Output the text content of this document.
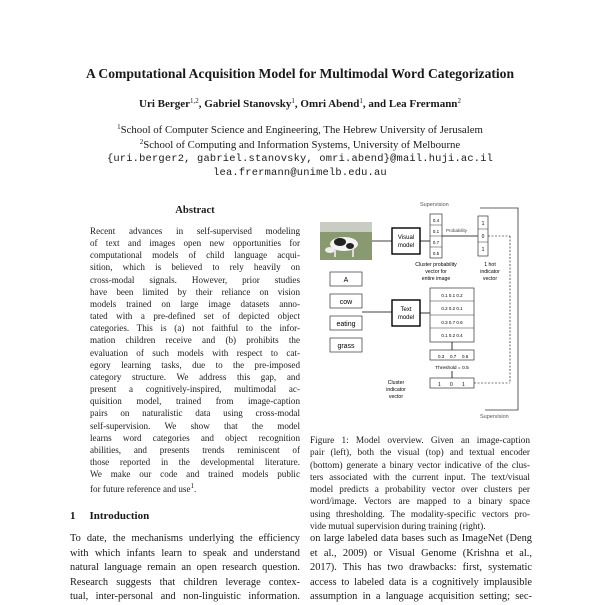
A Computational Acquisition Model for Multimodal Word Categorization
Uri Berger$^{1,2}$, Gabriel Stanovsky$^1$, Omri Abend$^1$, and Lea Frermann$^2$
$^1$School of Computer Science and Engineering, The Hebrew University of Jerusalem
$^2$School of Computing and Information Systems, University of Melbourne
{uri.berger2, gabriel.stanovsky, omri.abend}@mail.huji.ac.il
lea.frermann@unimelb.edu.au
Abstract
Recent advances in self-supervised modeling
of text and images open new opportunities for
computational models of child language acqui-
sition, which is believed to rely heavily on
cross-modal signals. However, prior studies
have been limited by their reliance on vision
models trained on large image datasets anno-
tated with a pre-defined set of depicted object
categories. This is (a) not faithful to the infor-
mation children receive and (b) prohibits the
evaluation of such models with respect to cat-
egory learning tasks, due to the pre-imposed
category structure. We address this gap, and
present a cognitively-inspired, multimodal ac-
quisition model, trained from image-caption
pairs on naturalistic data using cross-modal
self-supervision. We show that the model
learns word categories and object recognition
abilities, and presents trends reminiscent of
those reported in the developmental literature.
We make our code and trained models public
for future reference and use$^1$.
1 Introduction
To date, the mechanisms underlying the efficiency
with which infants learn to speak and understand
natural language remain an open research question.
Research suggests that children leverage contex-
tual, inter-personal and non-linguistic information.
on large labeled data bases such as ImageNet (Deng
et al., 2009) or Visual Genome (Krishna et al.,
2017). This has two drawbacks: first, systematic
access to labeled data is a cognitively implausible
assumption in a language acquisition setting; sec-
Supervision
Supervision
Visual
model
0.4
0.1
0.7
0.5
Probability
1
0
1
Cluster probability
vector for
entire image
1 hot
indicator
vector
A
cow
eating
grass
Text
model
0.1 0.1 0.2
0.2 0.2 0.1
0.3 0.7 0.6
0.1 0.2 0.4
0.3 0.7 0.6
Threshold = 0.5
1 0 1
Cluster
indicator
vector
Figure 1: Model overview. Given an image-caption
pair (left), both the visual (top) and textual encoder
(bottom) generate a binary vector indicative of the clus-
ters associated with the current input. The text/visual
model predicts a probability vector over clusters per
word/image. Vectors are mapped to a binary space
using thresholding. The modality-specific vectors pro-
vide mutual supervision during training (right).
